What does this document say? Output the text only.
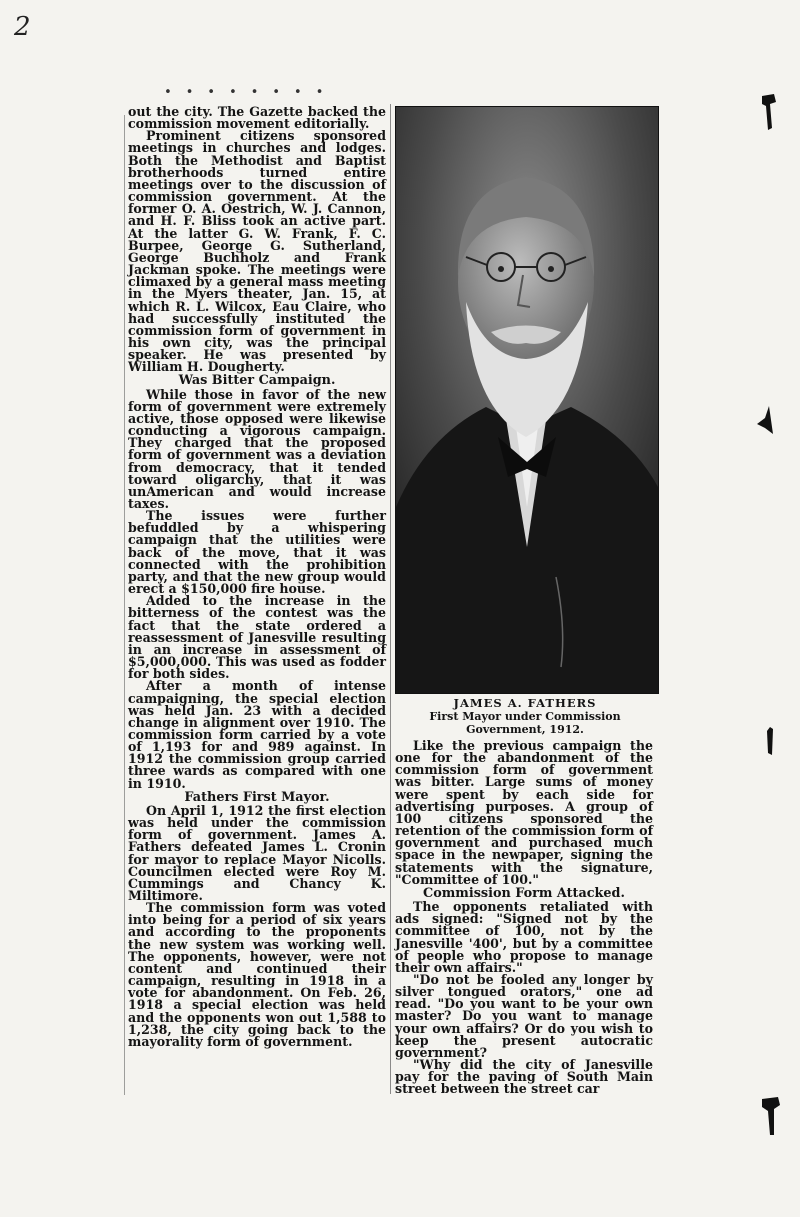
2
• • • • • • • •

out the city. The Gazette backed the commission movement editorially.

Prominent citizens sponsored meetings in churches and lodges. Both the Methodist and Baptist brotherhoods turned entire meetings over to the discussion of commission government. At the former O. A. Oestrich, W. J. Cannon, and H. F. Bliss took an active part. At the latter G. W. Frank, F. C. Burpee, George G. Sutherland, George Buchholz and Frank Jackman spoke. The meetings were climaxed by a general mass meeting in the Myers theater, Jan. 15, at which R. L. Wilcox, Eau Claire, who had successfully instituted the commission form of government in his own city, was the principal speaker. He was presented by William H. Dougherty.

Was Bitter Campaign.

While those in favor of the new form of government were extremely active, those opposed were likewise conducting a vigorous campaign. They charged that the proposed form of government was a deviation from democracy, that it tended toward oligarchy, that it was unAmerican and would increase taxes.

The issues were further befuddled by a whispering campaign that the utilities were back of the move, that it was connected with the prohibition party, and that the new group would erect a $150,000 fire house.

Added to the increase in the bitterness of the contest was the fact that the state ordered a reassessment of Janesville resulting in an increase in assessment of $5,000,000. This was used as fodder for both sides.

After a month of intense campaigning, the special election was held Jan. 23 with a decided change in alignment over 1910. The commission form carried by a vote of 1,193 for and 989 against. In 1912 the commission group carried three wards as compared with one in 1910.

Fathers First Mayor.

On April 1, 1912 the first election was held under the commission form of government. James A. Fathers defeated James L. Cronin for mayor to replace Mayor Nicolls. Councilmen elected were Roy M. Cummings and Chancy K. Miltimore.

The commission form was voted into being for a period of six years and according to the proponents the new system was working well. The opponents, however, were not content and continued their campaign, resulting in 1918 in a vote for abandonment. On Feb. 26, 1918 a special election was held and the opponents won out 1,588 to 1,238, the city going back to the mayorality form of government.

JAMES A. FATHERS
First Mayor under Commission Government, 1912.

Like the previous campaign the one for the abandonment of the commission form of government was bitter. Large sums of money were spent by each side for advertising purposes. A group of 100 citizens sponsored the retention of the commission form of government and purchased much space in the newpaper, signing the statements with the signature, "Committee of 100."

Commission Form Attacked.

The opponents retaliated with ads signed: "Signed not by the committee of 100, not by the Janesville '400', but by a committee of people who propose to manage their own affairs."

"Do not be fooled any longer by silver tongued orators," one ad read. "Do you want to be your own master? Do you want to manage your own affairs? Or do you wish to keep the present autocratic government?

"Why did the city of Janesville pay for the paving of South Main street between the street car
